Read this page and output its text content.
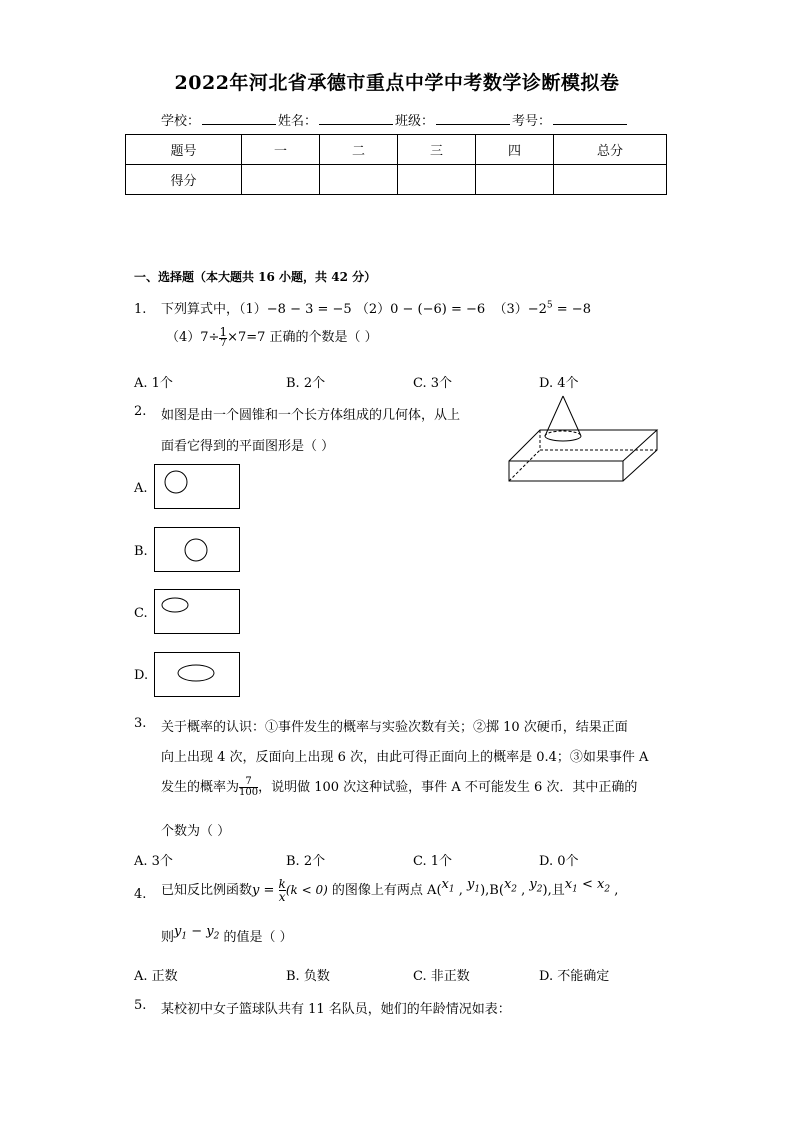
2022年河北省承德市重点中学中考数学诊断模拟卷
学校：	姓名：	班级：	考号：
题号	一	二	三	四	总分
得分					
一、选择题（本大题共 16 小题，共 42 分）
1. 下列算式中，（1）−8 − 3 = −5 （2）0 − (−6) = −6 $(3)-2^5 = -8$
$(4)7\div \frac{1}{7} \times 7=7$ 正确的个数是（ ）
A. 1个	B. 2个	C. 3个	D. 4个
2. 如图是由一个圆锥和一个长方体组成的几何体，从上
面看它得到的平面图形是（ ）
A.
B.
C.
D.
3. 关于概率的认识：①事件发生的概率与实验次数有关；②掷 10 次硬币，结果正面
向上出现 4 次，反面向上出现 6 次，由此可得正面向上的概率是 0.4；③如果事件 A
发生的概率为 $\frac{7}{100}$ ，说明做 100 次这种试验，事件 A 不可能发生 6 次．其中正确的
个数为（ ）
A. 3个	B. 2个	C. 1个	D. 0个
4. 已知反比例函数$y = \frac{k}{x} (k < 0)$ 的图像上有两点 $A(x_1$ , $y_1),B(x_2$ , $y_2$),且$x_1 < x_2$ ,
则$y_1 - y_2$ 的值是（ ）
A. 正数	B. 负数	C. 非正数	D. 不能确定
5. 某校初中女子篮球队共有 11 名队员，她们的年龄情况如表：
